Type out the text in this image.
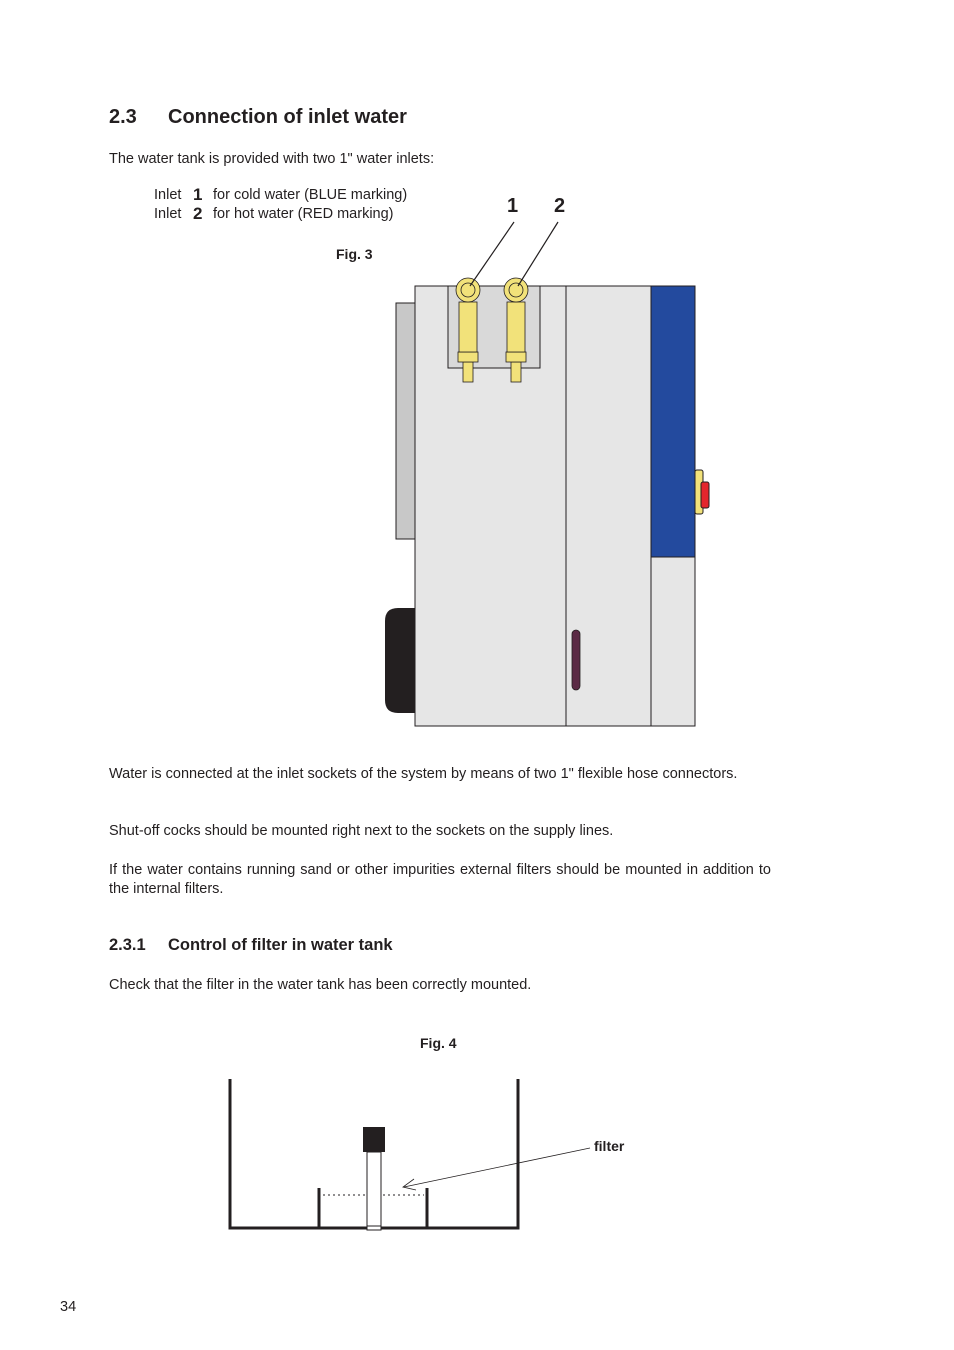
2.3 Connection of inlet water
The water tank is provided with two 1" water inlets:
Inlet 1 for cold water (BLUE marking)
Inlet 2 for hot water (RED marking)
Fig. 3
1 2
Water is connected at the inlet sockets of the system by means of two 1" flexible hose connectors.
Shut-off cocks should be mounted right next to the sockets on the supply lines.
If the water contains running sand or other impurities external filters should be mounted in addition to the internal filters.
2.3.1 Control of filter in water tank
Check that the filter in the water tank has been correctly mounted.
Fig. 4
filter
34
